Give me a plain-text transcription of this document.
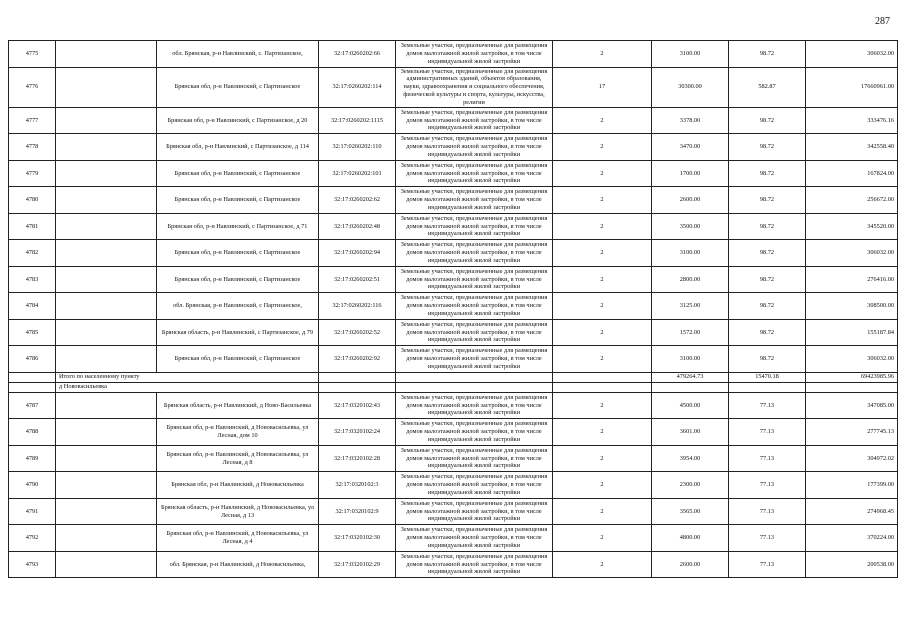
287
4775		обл. Брянская, р-н Навлинский, с. Партизанское,	32:17:0260202:66	Земельные участки, предназначенные для размещения домов малоэтажной жилой застройки, в том числе индивидуальной жилой застройки	2	3100.00	98.72	306032.00
4776		Брянская обл, р-н Навлинский, с Партизанское	32:17:0260202:114	Земельные участки, предназначенные для размещения административных зданий, объектов образования, науки, здравоохранения и социального обеспечения, физической культуры и спорта, культуры, искусства, религии	17	30300.00	582.87	17660961.00
4777		Брянская обл, р-н Навлинский, с Партизанское, д 20	32:17:0260202:1115	Земельные участки, предназначенные для размещения домов малоэтажной жилой застройки, в том числе индивидуальной жилой застройки	2	3378.00	98.72	333476.16
4778		Брянская обл, р-н Навлинский, с Партизанское, д 114	32:17:0260202:110	Земельные участки, предназначенные для размещения домов малоэтажной жилой застройки, в том числе индивидуальной жилой застройки	2	3470.00	98.72	342558.40
4779		Брянская обл, р-н Навлинский, с Партизанское	32:17:0260202:101	Земельные участки, предназначенные для размещения домов малоэтажной жилой застройки, в том числе индивидуальной жилой застройки	2	1700.00	98.72	167824.00
4780		Брянская обл, р-н Навлинский, с Партизанское	32:17:0260202:62	Земельные участки, предназначенные для размещения домов малоэтажной жилой застройки, в том числе индивидуальной жилой застройки	2	2600.00	98.72	256672.00
4781		Брянская обл, р-н Навлинский, с Партизанское, д 71	32:17:0260202:48	Земельные участки, предназначенные для размещения домов малоэтажной жилой застройки, в том числе индивидуальной жилой застройки	2	3500.00	98.72	345520.00
4782		Брянская обл, р-н Навлинский, с Партизанское	32:17:0260202:94	Земельные участки, предназначенные для размещения домов малоэтажной жилой застройки, в том числе индивидуальной жилой застройки	2	3100.00	98.72	306032.00
4783		Брянская обл, р-н Навлинский, с Партизанское	32:17:0260202:51	Земельные участки, предназначенные для размещения домов малоэтажной жилой застройки, в том числе индивидуальной жилой застройки	2	2800.00	98.72	276416.00
4784		обл. Брянская, р-н Навлинский, с Партизанское,	32:17:0260202:116	Земельные участки, предназначенные для размещения домов малоэтажной жилой застройки, в том числе индивидуальной жилой застройки	2	3125.00	98.72	308500.00
4785		Брянская область, р-н Навлинский, с Партизанское, д 79	32:17:0260202:52	Земельные участки, предназначенные для размещения домов малоэтажной жилой застройки, в том числе индивидуальной жилой застройки	2	1572.00	98.72	155187.84
4786		Брянская обл, р-н Навлинский, с Партизанское	32:17:0260202:92	Земельные участки, предназначенные для размещения домов малоэтажной жилой застройки, в том числе индивидуальной жилой застройки	2	3100.00	98.72	306032.00
	Итого по населенному пункту					479264.73	15470.18	69423985.96
	д Нововасильевка							
4787		Брянская область, р-н Навлинский, д Ново-Васильевка	32:17:0320102:43	Земельные участки, предназначенные для размещения домов малоэтажной жилой застройки, в том числе индивидуальной жилой застройки	2	4500.00	77.13	347085.00
4788		Брянская обл, р-н Навлинский, д Нововасильевка, ул Лесная, дом 10	32:17:0320102:24	Земельные участки, предназначенные для размещения домов малоэтажной жилой застройки, в том числе индивидуальной жилой застройки	2	3601.00	77.13	277745.13
4789		Брянская обл, р-н Навлинский, д Нововасильевка, ул Лесная, д 8	32:17:0320102:28	Земельные участки, предназначенные для размещения домов малоэтажной жилой застройки, в том числе индивидуальной жилой застройки	2	3954.00	77.13	304972.02
4790		Брянская обл, р-н Навлинский, д Нововасильевка	32:17:0320102:3	Земельные участки, предназначенные для размещения домов малоэтажной жилой застройки, в том числе индивидуальной жилой застройки	2	2300.00	77.13	177399.00
4791		Брянская область, р-н Навлинский, д Нововасильевка, ул Лесная, д 13	32:17:0320102:9	Земельные участки, предназначенные для размещения домов малоэтажной жилой застройки, в том числе индивидуальной жилой застройки	2	3565.00	77.13	274968.45
4792		Брянская обл, р-н Навлинский, д Нововасильевка, ул Лесная, д 4	32:17:0320102:30	Земельные участки, предназначенные для размещения домов малоэтажной жилой застройки, в том числе индивидуальной жилой застройки	2	4800.00	77.13	370224.00
4793		обл. Брянская, р-н Навлинский, д Нововасильевка,	32:17:0320102:29	Земельные участки, предназначенные для размещения домов малоэтажной жилой застройки, в том числе индивидуальной жилой застройки	2	2600.00	77.13	200538.00
